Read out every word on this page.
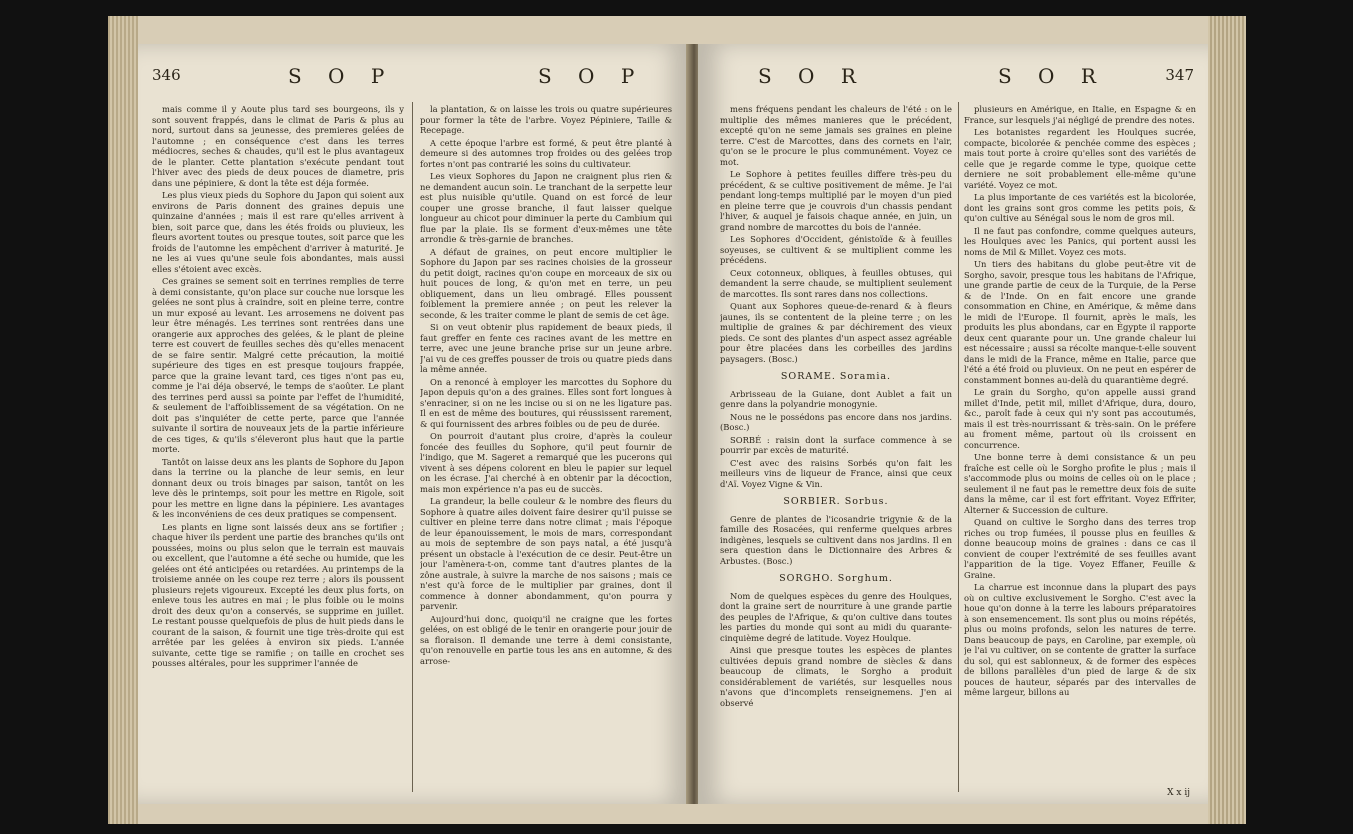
346	S O P	S O P

mais comme il y Aoute plus tard ses bourgeons, ils y sont souvent frappés, dans le climat de Paris & plus au nord, surtout dans sa jeunesse, des premieres gelées de l'automne ; en conséquence c'est dans les terres médiocres, seches & chaudes, qu'il est le plus avantageux de le planter. Cette plantation s'exécute pendant tout l'hiver avec des pieds de deux pouces de diametre, pris dans une pépiniere, & dont la tête est déja formée.

Les plus vieux pieds du Sophore du Japon qui soient aux environs de Paris donnent des graines depuis une quinzaine d'années ; mais il est rare qu'elles arrivent à bien, soit parce que, dans les étés froids ou pluvieux, les fleurs avortent toutes ou presque toutes, soit parce que les froids de l'automne les empêchent d'arriver à maturité. Je ne les ai vues qu'une seule fois abondantes, mais aussi elles s'étoient avec excès.

Ces graines se sement soit en terrines remplies de terre à demi consistante, qu'on place sur couche nue lorsque les gelées ne sont plus à craindre, soit en pleine terre, contre un mur exposé au levant. Les arrosemens ne doivent pas leur être ménagés. Les terrines sont rentrées dans une orangerie aux approches des gelées, & le plant de pleine terre est couvert de feuilles seches dès qu'elles menacent de se faire sentir. Malgré cette précaution, la moitié supérieure des tiges en est presque toujours frappée, parce que la graine levant tard, ces tiges n'ont pas eu, comme je l'ai déja observé, le temps de s'aoûter. Le plant des terrines perd aussi sa pointe par l'effet de l'humidité, & seulement de l'affoiblissement de sa végétation. On ne doit pas s'inquiéter de cette perte, parce que l'année suivante il sortira de nouveaux jets de la partie inférieure de ces tiges, & qu'ils s'éleveront plus haut que la partie morte.

Tantôt on laisse deux ans les plants de Sophore du Japon dans la terrine ou la planche de leur semis, en leur donnant deux ou trois binages par saison, tantôt on les leve dès le printemps, soit pour les mettre en Rigole, soit pour les mettre en ligne dans la pépiniere. Les avantages & les inconvéniens de ces deux pratiques se compensent.

Les plants en ligne sont laissés deux ans se fortifier ; chaque hiver ils perdent une partie des branches qu'ils ont poussées, moins ou plus selon que le terrain est mauvais ou excellent, que l'automne a été seche ou humide, que les gelées ont été anticipées ou retardées. Au printemps de la troisieme année on les coupe rez terre ; alors ils poussent plusieurs rejets vigoureux. Excepté les deux plus forts, on enleve tous les autres en mai ; le plus foible ou le moins droit des deux qu'on a conservés, se supprime en juillet. Le restant pousse quelquefois de plus de huit pieds dans le courant de la saison, & fournit une tige très-droite qui est arrêtée par les gelées à environ six pieds. L'année suivante, cette tige se ramifie ; on taille en crochet ses pousses altérales, pour les supprimer l'année de

la plantation, & on laisse les trois ou quatre supérieures pour former la tête de l'arbre. Voyez Pépiniere, Taille & Recepage.

A cette époque l'arbre est formé, & peut être planté à demeure si des automnes trop froides ou des gelées trop fortes n'ont pas contrarié les soins du cultivateur.

Les vieux Sophores du Japon ne craignent plus rien & ne demandent aucun soin. Le tranchant de la serpette leur est plus nuisible qu'utile. Quand on est forcé de leur couper une grosse branche, il faut laisser quelque longueur au chicot pour diminuer la perte du Cambium qui flue par la plaie. Ils se forment d'eux-mêmes une tête arrondie & très-garnie de branches.

A défaut de graines, on peut encore multiplier le Sophore du Japon par ses racines choisies de la grosseur du petit doigt, racines qu'on coupe en morceaux de six ou huit pouces de long, & qu'on met en terre, un peu obliquement, dans un lieu ombragé. Elles poussent foiblement la premiere année ; on peut les relever la seconde, & les traiter comme le plant de semis de cet âge.

Si on veut obtenir plus rapidement de beaux pieds, il faut greffer en fente ces racines avant de les mettre en terre, avec une jeune branche prise sur un jeune arbre. J'ai vu de ces greffes pousser de trois ou quatre pieds dans la même année.

On a renoncé à employer les marcottes du Sophore du Japon depuis qu'on a des graines. Elles sont fort longues à s'enraciner, si on ne les incise ou si on ne les ligature pas. Il en est de même des boutures, qui réussissent rarement, & qui fournissent des arbres foibles ou de peu de durée.

On pourroit d'autant plus croire, d'après la couleur foncée des feuilles du Sophore, qu'il peut fournir de l'indigo, que M. Sageret a remarqué que les pucerons qui vivent à ses dépens colorent en bleu le papier sur lequel on les écrase. J'ai cherché à en obtenir par la décoction, mais mon expérience n'a pas eu de succès.

La grandeur, la belle couleur & le nombre des fleurs du Sophore à quatre ailes doivent faire desirer qu'il puisse se cultiver en pleine terre dans notre climat ; mais l'époque de leur épanouissement, le mois de mars, correspondant au mois de septembre de son pays natal, a été jusqu'à présent un obstacle à l'exécution de ce desir. Peut-être un jour l'amènera-t-on, comme tant d'autres plantes de la zône australe, à suivre la marche de nos saisons ; mais ce n'est qu'à force de le multiplier par graines, dont il commence à donner abondamment, qu'on pourra y parvenir.

Aujourd'hui donc, quoiqu'il ne craigne que les fortes gelées, on est obligé de le tenir en orangerie pour jouir de sa floraison. Il demande une terre à demi consistante, qu'on renouvelle en partie tous les ans en automne, & des arrose-

S O R	S O R	347

mens fréquens pendant les chaleurs de l'été : on le multiplie des mêmes manieres que le précédent, excepté qu'on ne seme jamais ses graines en pleine terre. C'est de Marcottes, dans des cornets en l'air, qu'on se le procure le plus communément. Voyez ce mot.

Le Sophore à petites feuilles differe très-peu du précédent, & se cultive positivement de même. Je l'ai pendant long-temps multiplié par le moyen d'un pied en pleine terre que je couvrois d'un chassis pendant l'hiver, & auquel je faisois chaque année, en juin, un grand nombre de marcottes du bois de l'année.

Les Sophores d'Occident, génistoïde & à feuilles soyeuses, se cultivent & se multiplient comme les précédens.

Ceux cotonneux, obliques, à feuilles obtuses, qui demandent la serre chaude, se multiplient seulement de marcottes. Ils sont rares dans nos collections.

Quant aux Sophores queue-de-renard & à fleurs jaunes, ils se contentent de la pleine terre ; on les multiplie de graines & par déchirement des vieux pieds. Ce sont des plantes d'un aspect assez agréable pour être placées dans les corbeilles des jardins paysagers. (Bosc.)

SORAME. Soramia.

Arbrisseau de la Guiane, dont Aublet a fait un genre dans la polyandrie monogynie.

Nous ne le possédons pas encore dans nos jardins. (Bosc.)

SORBÉ : raisin dont la surface commence à se pourrir par excès de maturité.

C'est avec des raisins Sorbés qu'on fait les meilleurs vins de liqueur de France, ainsi que ceux d'Aï. Voyez Vigne & Vin.

SORBIER. Sorbus.

Genre de plantes de l'icosandrie trigynie & de la famille des Rosacées, qui renferme quelques arbres indigènes, lesquels se cultivent dans nos jardins. Il en sera question dans le Dictionnaire des Arbres & Arbustes. (Bosc.)

SORGHO. Sorghum.

Nom de quelques espèces du genre des Houlques, dont la graine sert de nourriture à une grande partie des peuples de l'Afrique, & qu'on cultive dans toutes les parties du monde qui sont au midi du quarante-cinquième degré de latitude. Voyez Houlque.

Ainsi que presque toutes les espèces de plantes cultivées depuis grand nombre de siècles & dans beaucoup de climats, le Sorgho a produit considérablement de variétés, sur lesquelles nous n'avons que d'incomplets renseignemens. J'en ai observé

plusieurs en Amérique, en Italie, en Espagne & en France, sur lesquels j'ai négligé de prendre des notes.

Les botanistes regardent les Houlques sucrée, compacte, bicolorée & penchée comme des espèces ; mais tout porte à croire qu'elles sont des variétés de celle que je regarde comme le type, quoique cette derniere ne soit probablement elle-même qu'une variété. Voyez ce mot.

La plus importante de ces variétés est la bicolorée, dont les grains sont gros comme les petits pois, & qu'on cultive au Sénégal sous le nom de gros mil.

Il ne faut pas confondre, comme quelques auteurs, les Houlques avec les Panics, qui portent aussi les noms de Mil & Millet. Voyez ces mots.

Un tiers des habitans du globe peut-être vit de Sorgho, savoir, presque tous les habitans de l'Afrique, une grande partie de ceux de la Turquie, de la Perse & de l'Inde. On en fait encore une grande consommation en Chine, en Amérique, & même dans le midi de l'Europe. Il fournit, après le maïs, les produits les plus abondans, car en Égypte il rapporte deux cent quarante pour un. Une grande chaleur lui est nécessaire ; aussi sa récolte manque-t-elle souvent dans le midi de la France, même en Italie, parce que l'été a été froid ou pluvieux. On ne peut en espérer de constamment bonnes au-delà du quarantième degré.

Le grain du Sorgho, qu'on appelle aussi grand millet d'Inde, petit mil, millet d'Afrique, dura, douro, &c., paroît fade à ceux qui n'y sont pas accoutumés, mais il est très-nourrissant & très-sain. On le préfere au froment même, partout où ils croissent en concurrence.

Une bonne terre à demi consistance & un peu fraîche est celle où le Sorgho profite le plus ; mais il s'accommode plus ou moins de celles où on le place ; seulement il ne faut pas le remettre deux fois de suite dans la même, car il est fort effritant. Voyez Effriter, Alterner & Succession de culture.

Quand on cultive le Sorgho dans des terres trop riches ou trop fumées, il pousse plus en feuilles & donne beaucoup moins de graines : dans ce cas il convient de couper l'extrémité de ses feuilles avant l'apparition de la tige. Voyez Effaner, Feuille & Graine.

La charrue est inconnue dans la plupart des pays où on cultive exclusivement le Sorgho. C'est avec la houe qu'on donne à la terre les labours préparatoires à son ensemencement. Ils sont plus ou moins répétés, plus ou moins profonds, selon les natures de terre. Dans beaucoup de pays, en Caroline, par exemple, où je l'ai vu cultiver, on se contente de gratter la surface du sol, qui est sablonneux, & de former des espèces de billons parallèles d'un pied de large & de six pouces de hauteur, séparés par des intervalles de même largeur, billons au

X x ij
